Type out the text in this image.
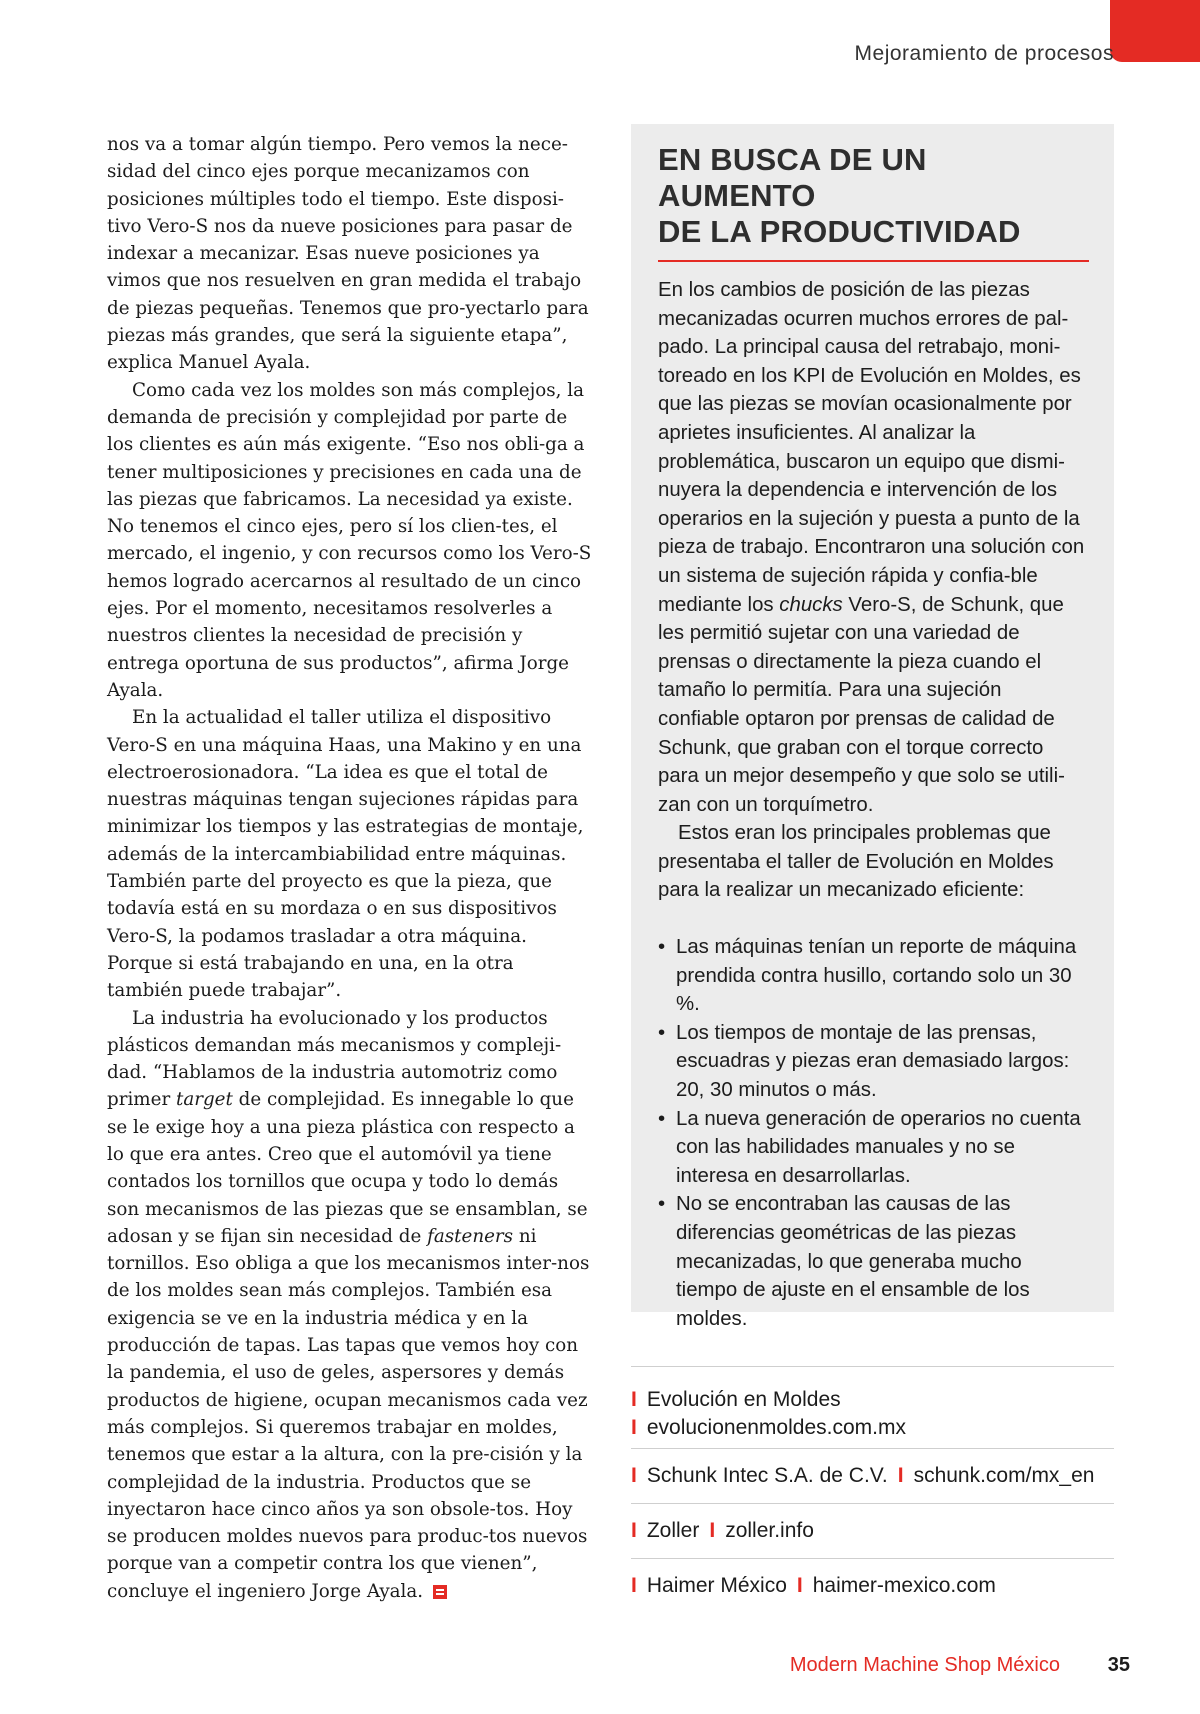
Mejoramiento de procesos

nos va a tomar algún tiempo. Pero vemos la nece-sidad del cinco ejes porque mecanizamos con posiciones múltiples todo el tiempo. Este disposi-tivo Vero-S nos da nueve posiciones para pasar de indexar a mecanizar. Esas nueve posiciones ya vimos que nos resuelven en gran medida el trabajo de piezas pequeñas. Tenemos que pro-yectarlo para piezas más grandes, que será la siguiente etapa”, explica Manuel Ayala.

Como cada vez los moldes son más complejos, la demanda de precisión y complejidad por parte de los clientes es aún más exigente. “Eso nos obli-ga a tener multiposiciones y precisiones en cada una de las piezas que fabricamos. La necesidad ya existe. No tenemos el cinco ejes, pero sí los clien-tes, el mercado, el ingenio, y con recursos como los Vero-S hemos logrado acercarnos al resultado de un cinco ejes. Por el momento, necesitamos resolverles a nuestros clientes la necesidad de precisión y entrega oportuna de sus productos”, afirma Jorge Ayala.

En la actualidad el taller utiliza el dispositivo Vero-S en una máquina Haas, una Makino y en una electroerosionadora. “La idea es que el total de nuestras máquinas tengan sujeciones rápidas para minimizar los tiempos y las estrategias de montaje, además de la intercambiabilidad entre máquinas. También parte del proyecto es que la pieza, que todavía está en su mordaza o en sus dispositivos Vero-S, la podamos trasladar a otra máquina. Porque si está trabajando en una, en la otra también puede trabajar”.

La industria ha evolucionado y los productos plásticos demandan más mecanismos y compleji-dad. “Hablamos de la industria automotriz como primer target de complejidad. Es innegable lo que se le exige hoy a una pieza plástica con respecto a lo que era antes. Creo que el automóvil ya tiene contados los tornillos que ocupa y todo lo demás son mecanismos de las piezas que se ensamblan, se adosan y se fijan sin necesidad de fasteners ni tornillos. Eso obliga a que los mecanismos inter-nos de los moldes sean más complejos. También esa exigencia se ve en la industria médica y en la producción de tapas. Las tapas que vemos hoy con la pandemia, el uso de geles, aspersores y demás productos de higiene, ocupan mecanismos cada vez más complejos. Si queremos trabajar en moldes, tenemos que estar a la altura, con la pre-cisión y la complejidad de la industria. Productos que se inyectaron hace cinco años ya son obsole-tos. Hoy se producen moldes nuevos para produc-tos nuevos porque van a competir contra los que vienen”, concluye el ingeniero Jorge Ayala.

EN BUSCA DE UN AUMENTO
DE LA PRODUCTIVIDAD

En los cambios de posición de las piezas mecanizadas ocurren muchos errores de pal-pado. La principal causa del retrabajo, moni-toreado en los KPI de Evolución en Moldes, es que las piezas se movían ocasionalmente por aprietes insuficientes. Al analizar la problemática, buscaron un equipo que dismi-nuyera la dependencia e intervención de los operarios en la sujeción y puesta a punto de la pieza de trabajo. Encontraron una solución con un sistema de sujeción rápida y confia-ble mediante los chucks Vero-S, de Schunk, que les permitió sujetar con una variedad de prensas o directamente la pieza cuando el tamaño lo permitía. Para una sujeción confiable optaron por prensas de calidad de Schunk, que graban con el torque correcto para un mejor desempeño y que solo se utili-zan con un torquímetro.

Estos eran los principales problemas que presentaba el taller de Evolución en Moldes para la realizar un mecanizado eficiente:

• Las máquinas tenían un reporte de máquina prendida contra husillo, cortando solo un 30 %.
• Los tiempos de montaje de las prensas, escuadras y piezas eran demasiado largos: 20, 30 minutos o más.
• La nueva generación de operarios no cuenta con las habilidades manuales y no se interesa en desarrollarlas.
• No se encontraban las causas de las diferencias geométricas de las piezas mecanizadas, lo que generaba mucho tiempo de ajuste en el ensamble de los moldes.
I Evolución en Moldes
I evolucionenmoldes.com.mx
I Schunk Intec S.A. de C.V. I schunk.com/mx_en
I Zoller I zoller.info
I Haimer México I haimer-mexico.com
Modern Machine Shop México	35
